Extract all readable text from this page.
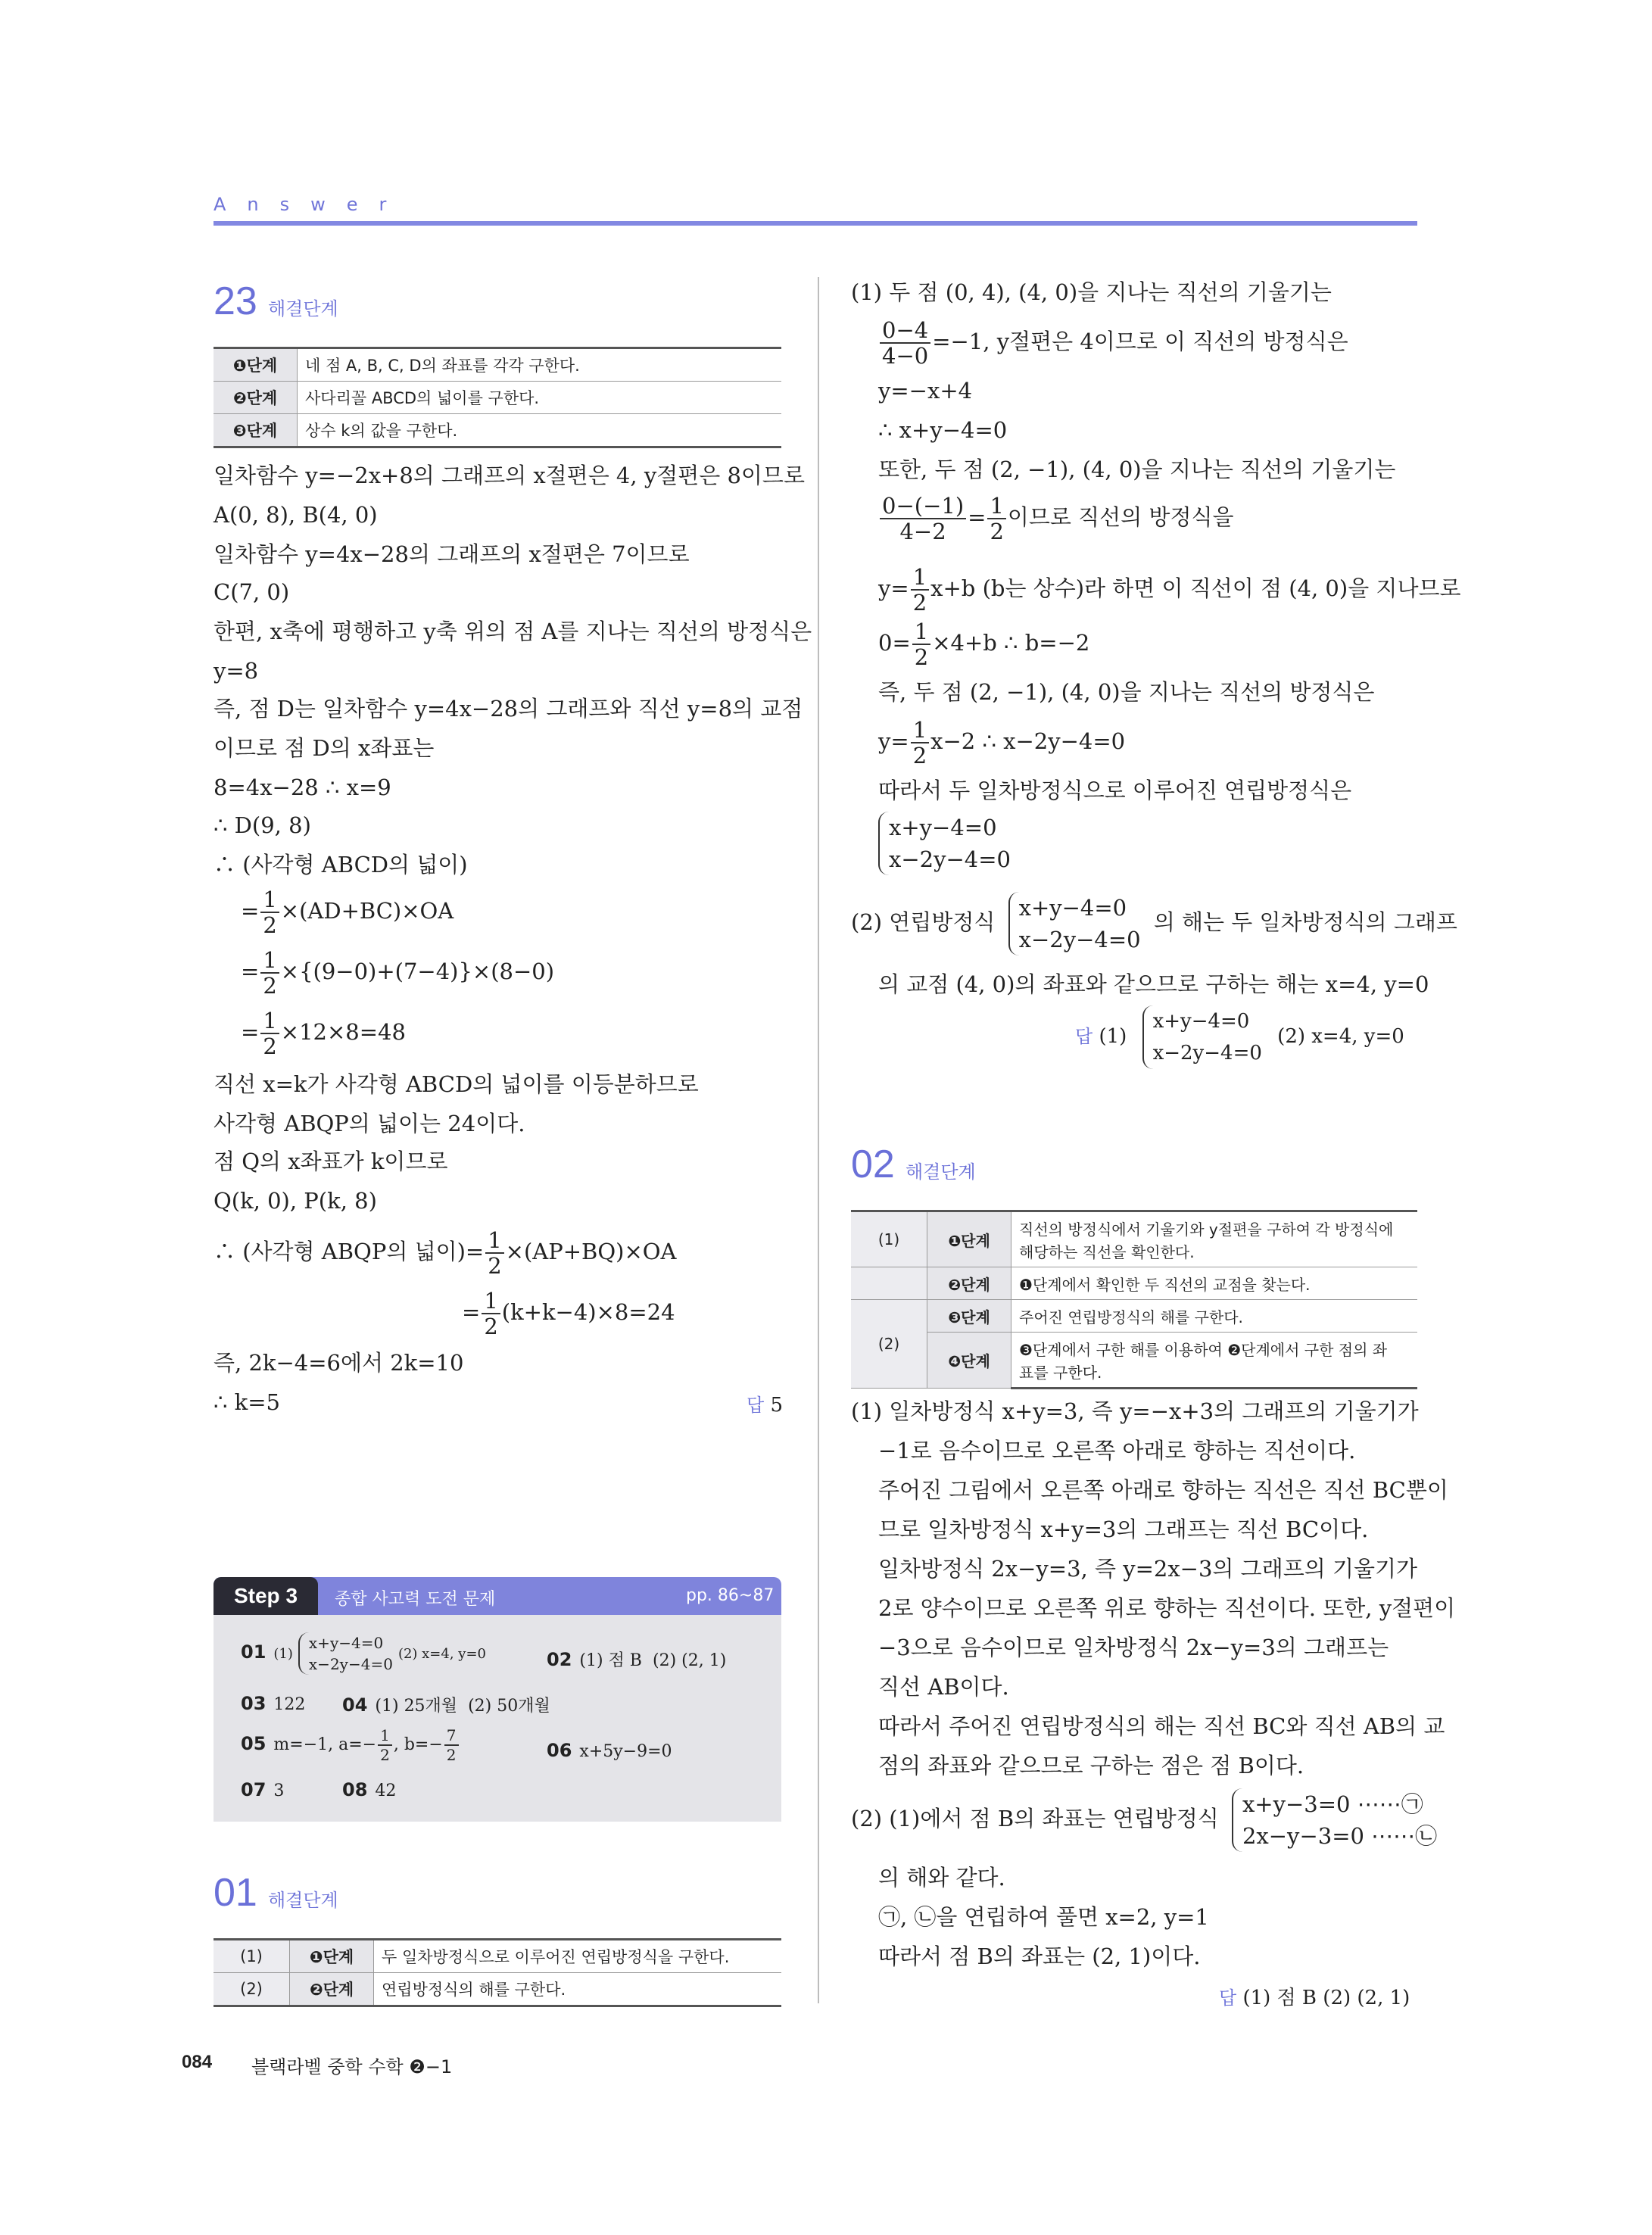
Answer
23 해결단계
❶단계	네 점 A, B, C, D의 좌표를 각각 구한다.
❷단계	사다리꼴 ABCD의 넓이를 구한다.
❸단계	상수 k의 값을 구한다.
일차함수 y=−2x+8의 그래프의 x절편은 4, y절편은 8이므로
A(0, 8), B(4, 0)
일차함수 y=4x−28의 그래프의 x절편은 7이므로
C(7, 0)
한편, x축에 평행하고 y축 위의 점 A를 지나는 직선의 방정식은
y=8
즉, 점 D는 일차함수 y=4x−28의 그래프와 직선 y=8의 교점
이므로 점 D의 x좌표는
8=4x−28 ∴ x=9
∴ D(9, 8)
∴ (사각형 ABCD의 넓이)
= $\frac{1}{2} \times(AD+BC)\times OA$
= $\frac{1}{2} \times\{(9-0)+(7-4)\}\times(8-0)$
= $\frac{1}{2} \times 12\times 8=48$
직선 x=k가 사각형 ABCD의 넓이를 이등분하므로
사각형 ABQP의 넓이는 24이다.
점 Q의 x좌표가 k이므로
Q(k, 0), P(k, 8)
∴ (사각형 ABQP의 넓이)= $\frac{1}{2} \times(AP+BQ)\times OA$
= $\frac{1}{2} (k+k-4)\times 8=24$
즉, 2k−4=6에서 2k=10
∴ k=5	답 5
Step 3	종합 사고력 도전 문제	pp. 86~87
01 (1)
x+y−4=0
x−2y−4=0
(2) x=4, y=0	02 (1) 점 B (2) (2, 1)
03 122 04 (1) 25개월 (2) 50개월
05 m=−1, $a=- \frac{1}{2}$ , $b=- \frac{7}{2}$	06 x+5y−9=0
07 3	08 42
01 해결단계
(1)	❶단계	두 일차방정식으로 이루어진 연립방정식을 구한다.
(2)	❷단계	연립방정식의 해를 구한다.
(1) 두 점 (0, 4), (4, 0)을 지나는 직선의 기울기는
$\frac{0-4}{4-0} =-1$, y절편은 4이므로 이 직선의 방정식은
y=−x+4
∴ x+y−4=0
또한, 두 점 (2, −1), (4, 0)을 지나는 직선의 기울기는
$\frac{0-(-1)}{4-2} = \frac{1}{2}$ 이므로 직선의 방정식을
$y= \frac{1}{2} x+b$ (b는 상수)라 하면 이 직선이 점 (4, 0)을 지나므로
$0= \frac{1}{2} \times 4+b$ ∴ b=−2
즉, 두 점 (2, −1), (4, 0)을 지나는 직선의 방정식은
$y= \frac{1}{2} x-2$ ∴ x−2y−4=0
따라서 두 일차방정식으로 이루어진 연립방정식은
x+y−4=0
x−2y−4=0
(2) 연립방정식
x+y−4=0
x−2y−4=0
의 해는 두 일차방정식의 그래프
의 교점 (4, 0)의 좌표와 같으므로 구하는 해는 x=4, y=0
답 (1)
x+y−4=0
x−2y−4=0
(2) x=4, y=0
02 해결단계
(1)	❶단계	직선의 방정식에서 기울기와 y절편을 구하여 각 방정식에
		해당하는 직선을 확인한다.
	❷단계	❶단계에서 확인한 두 직선의 교점을 찾는다.
(2)	❸단계	주어진 연립방정식의 해를 구한다.
	❹단계	❸단계에서 구한 해를 이용하여 ❷단계에서 구한 점의 좌
		표를 구한다.
(1) 일차방정식 x+y=3, 즉 y=−x+3의 그래프의 기울기가
−1로 음수이므로 오른쪽 아래로 향하는 직선이다.
주어진 그림에서 오른쪽 아래로 향하는 직선은 직선 BC뿐이
므로 일차방정식 x+y=3의 그래프는 직선 BC이다.
일차방정식 2x−y=3, 즉 y=2x−3의 그래프의 기울기가
2로 양수이므로 오른쪽 위로 향하는 직선이다. 또한, y절편이
−3으로 음수이므로 일차방정식 2x−y=3의 그래프는
직선 AB이다.
따라서 주어진 연립방정식의 해는 직선 BC와 직선 AB의 교
점의 좌표와 같으므로 구하는 점은 점 B이다.
(2) (1)에서 점 B의 좌표는 연립방정식
x+y−3=0 ⋯⋯㉠
2x−y−3=0 ⋯⋯㉡
의 해와 같다.
㉠, ㉡을 연립하여 풀면 x=2, y=1
따라서 점 B의 좌표는 (2, 1)이다.
답 (1) 점 B (2) (2, 1)
084 블랙라벨 중학 수학 ❷−1
